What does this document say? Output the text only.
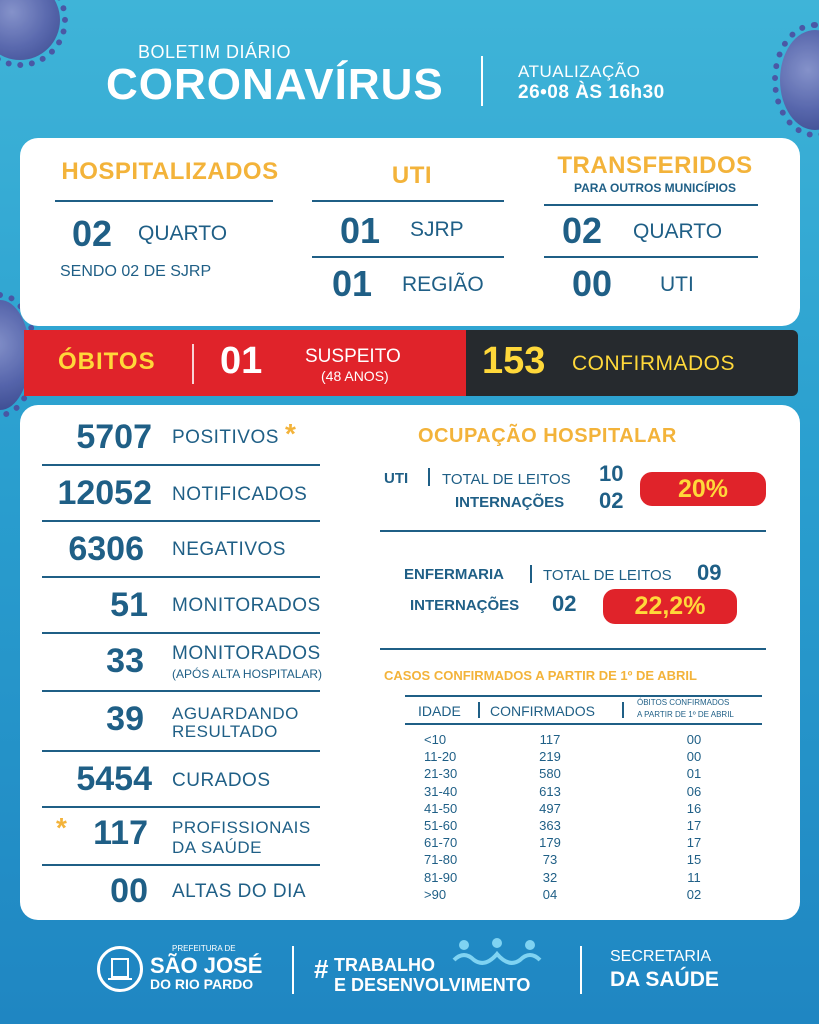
BOLETIM DIÁRIO
CORONAVÍRUS	ATUALIZAÇÃO
26•08 ÀS 16h30
HOSPITALIZADOS
02 QUARTO
SENDO 02 DE SJRP
UTI
01 SJRP
01 REGIÃO
TRANSFERIDOS
PARA OUTROS MUNICÍPIOS
02 QUARTO
00 UTI
ÓBITOS 01 SUSPEITO
(48 ANOS) 153 CONFIRMADOS
5707 POSITIVOS *
12052 NOTIFICADOS
6306 NEGATIVOS
51 MONITORADOS
33 MONITORADOS
(APÓS ALTA HOSPITALAR)
39 AGUARDANDO
RESULTADO
5454 CURADOS
* 117 PROFISSIONAIS
DA SAÚDE
00 ALTAS DO DIA
OCUPAÇÃO HOSPITALAR
UTI TOTAL DE LEITOS 10
INTERNAÇÕES 02	20%
ENFERMARIA	TOTAL DE LEITOS 09
INTERNAÇÕES 02	22,2%
CASOS CONFIRMADOS A PARTIR DE 1º DE ABRIL
IDADE CONFIRMADOS
ÓBITOS CONFIRMADOS
A PARTIR DE 1º DE ABRIL
<10	117	00
11-20	219	00
21-30	580	01
31-40	613	06
41-50	497	16
51-60	363	17
61-70	179	17
71-80	73	15
81-90	32	11
>90	04	02
PREFEITURA DE
SÃO JOSÉ
DO RIO PARDO # TRABALHO
E DESENVOLVIMENTO
SECRETARIA
DA SAÚDE
